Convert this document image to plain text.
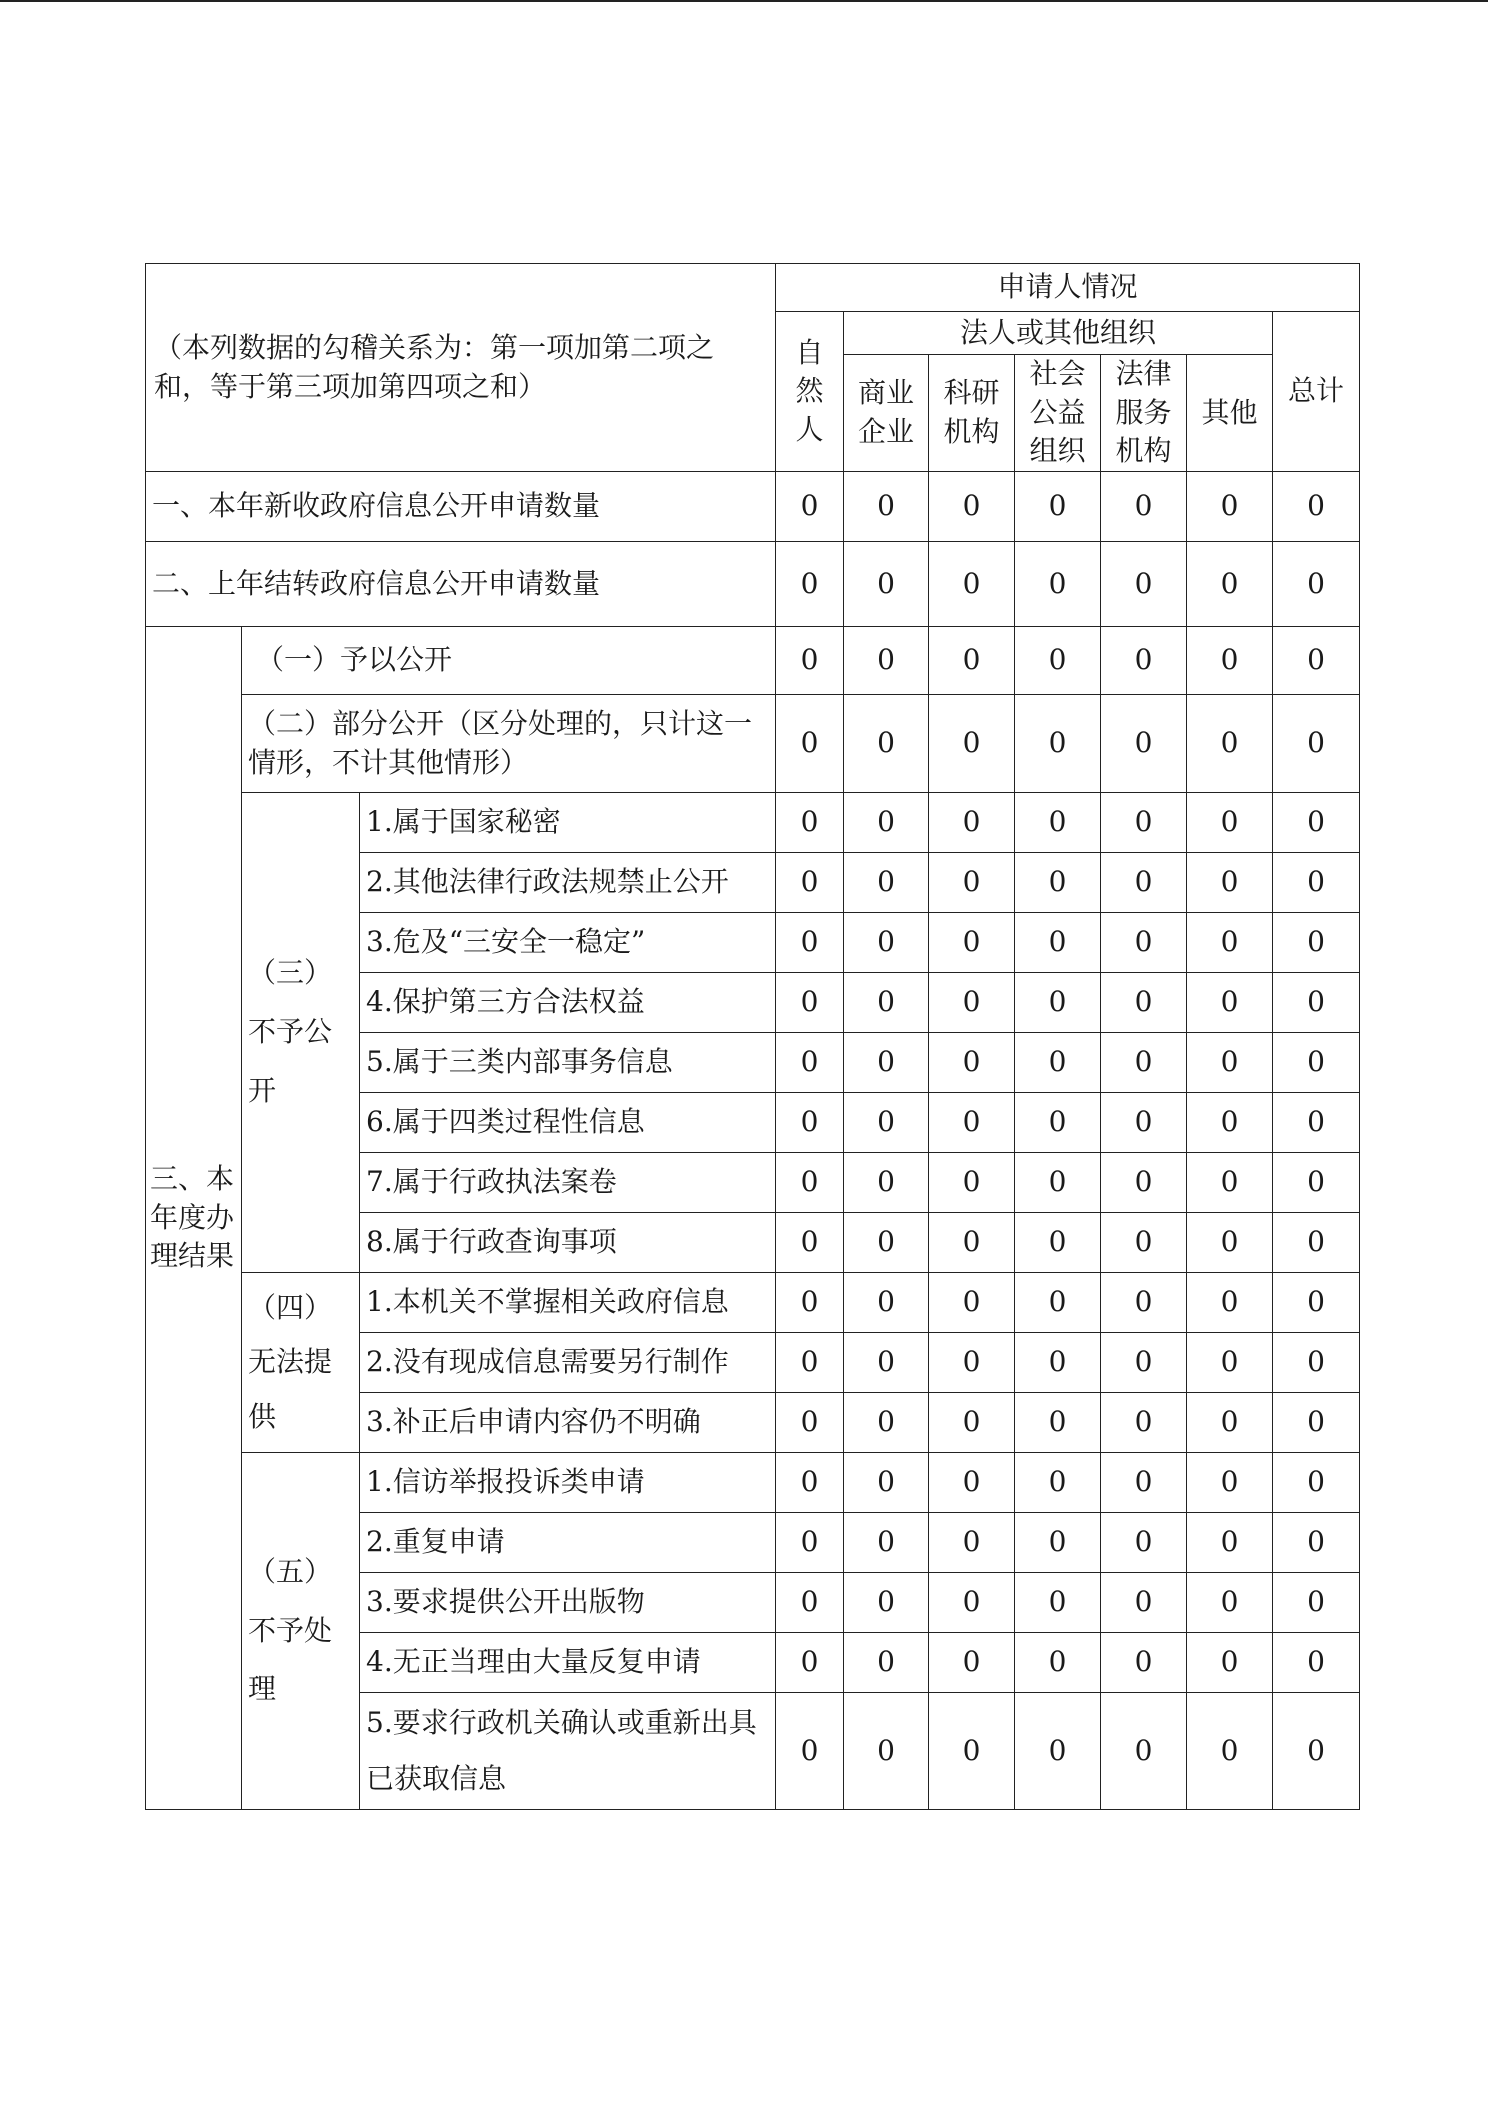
（本列数据的勾稽关系为：第一项加第二项之和，等于第三项加第四项之和）			申请人情况						
			自然人	法人或其他组织					总计
				商业企业	科研机构	社会公益组织	法律服务机构	其他	
一、本年新收政府信息公开申请数量			0	0	0	0	0	0	0
二、上年结转政府信息公开申请数量			0	0	0	0	0	0	0
三、本年度办理结果	（一）予以公开		0	0	0	0	0	0	0
	（二）部分公开（区分处理的，只计这一情形，不计其他情形）		0	0	0	0	0	0	0
	（三）不予公开	1.属于国家秘密	0	0	0	0	0	0	0
		2.其他法律行政法规禁止公开	0	0	0	0	0	0	0
		3.危及“三安全一稳定”	0	0	0	0	0	0	0
		4.保护第三方合法权益	0	0	0	0	0	0	0
		5.属于三类内部事务信息	0	0	0	0	0	0	0
		6.属于四类过程性信息	0	0	0	0	0	0	0
		7.属于行政执法案卷	0	0	0	0	0	0	0
		8.属于行政查询事项	0	0	0	0	0	0	0
	（四）无法提供	1.本机关不掌握相关政府信息	0	0	0	0	0	0	0
		2.没有现成信息需要另行制作	0	0	0	0	0	0	0
		3.补正后申请内容仍不明确	0	0	0	0	0	0	0
	（五）不予处理	1.信访举报投诉类申请	0	0	0	0	0	0	0
		2.重复申请	0	0	0	0	0	0	0
		3.要求提供公开出版物	0	0	0	0	0	0	0
		4.无正当理由大量反复申请	0	0	0	0	0	0	0
		5.要求行政机关确认或重新出具已获取信息	0	0	0	0	0	0	0
